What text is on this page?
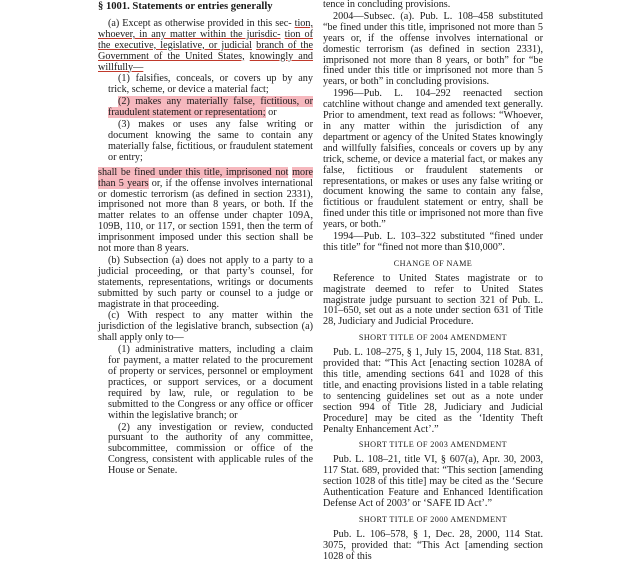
§ 1001. Statements or entries generally

(a) Except as otherwise provided in this sec‑ tion, whoever, in any matter within the jurisdic‑ tion of the executive, legislative, or judicial branch of the Government of the United States, knowingly and willfully—

(1) falsifies, conceals, or covers up by any trick, scheme, or device a material fact;

(2) makes any materially false, fictitious, or fraudulent statement or representation; or

(3) makes or uses any false writing or document knowing the same to contain any materially false, fictitious, or fraudulent statement or entry;

shall be fined under this title, imprisoned not more than 5 years or, if the offense involves international or domestic terrorism (as defined in section 2331), imprisoned not more than 8 years, or both. If the matter relates to an offense under chapter 109A, 109B, 110, or 117, or section 1591, then the term of imprisonment imposed under this section shall be not more than 8 years.

(b) Subsection (a) does not apply to a party to a judicial proceeding, or that party’s counsel, for statements, representations, writings or documents submitted by such party or counsel to a judge or magistrate in that proceeding.

(c) With respect to any matter within the jurisdiction of the legislative branch, subsection (a) shall apply only to—

(1) administrative matters, including a claim for payment, a matter related to the procurement of property or services, personnel or employment practices, or support services, or a document required by law, rule, or regulation to be submitted to the Congress or any office or officer within the legislative branch; or

(2) any investigation or review, conducted pursuant to the authority of any committee, subcommittee, commission or office of the Congress, consistent with applicable rules of the House or Senate.

tence in concluding provisions.

2004—Subsec. (a). Pub. L. 108–458 substituted “be fined under this title, imprisoned not more than 5 years or, if the offense involves international or domestic terrorism (as defined in section 2331), imprisoned not more than 8 years, or both” for “be fined under this title or imprisoned not more than 5 years, or both” in concluding provisions.

1996—Pub. L. 104–292 reenacted section catchline without change and amended text generally. Prior to amendment, text read as follows: “Whoever, in any matter within the jurisdiction of any department or agency of the United States knowingly and willfully falsifies, conceals or covers up by any trick, scheme, or device a material fact, or makes any false, fictitious or fraudulent statements or representations, or makes or uses any false writing or document knowing the same to contain any false, fictitious or fraudulent statement or entry, shall be fined under this title or imprisoned not more than five years, or both.”

1994—Pub. L. 103–322 substituted “fined under this title” for “fined not more than $10,000”.

CHANGE OF NAME

Reference to United States magistrate or to magistrate deemed to refer to United States magistrate judge pursuant to section 321 of Pub. L. 101–650, set out as a note under section 631 of Title 28, Judiciary and Judicial Procedure.

SHORT TITLE OF 2004 AMENDMENT

Pub. L. 108–275, § 1, July 15, 2004, 118 Stat. 831, provided that: “This Act [enacting section 1028A of this title, amending sections 641 and 1028 of this title, and enacting provisions listed in a table relating to sentencing guidelines set out as a note under section 994 of Title 28, Judiciary and Judicial Procedure] may be cited as the ‘Identity Theft Penalty Enhancement Act’.”

SHORT TITLE OF 2003 AMENDMENT

Pub. L. 108–21, title VI, § 607(a), Apr. 30, 2003, 117 Stat. 689, provided that: “This section [amending section 1028 of this title] may be cited as the ‘Secure Authentication Feature and Enhanced Identification Defense Act of 2003’ or ‘SAFE ID Act’.”

SHORT TITLE OF 2000 AMENDMENT

Pub. L. 106–578, § 1, Dec. 28, 2000, 114 Stat. 3075, provided that: “This Act [amending section 1028 of this
